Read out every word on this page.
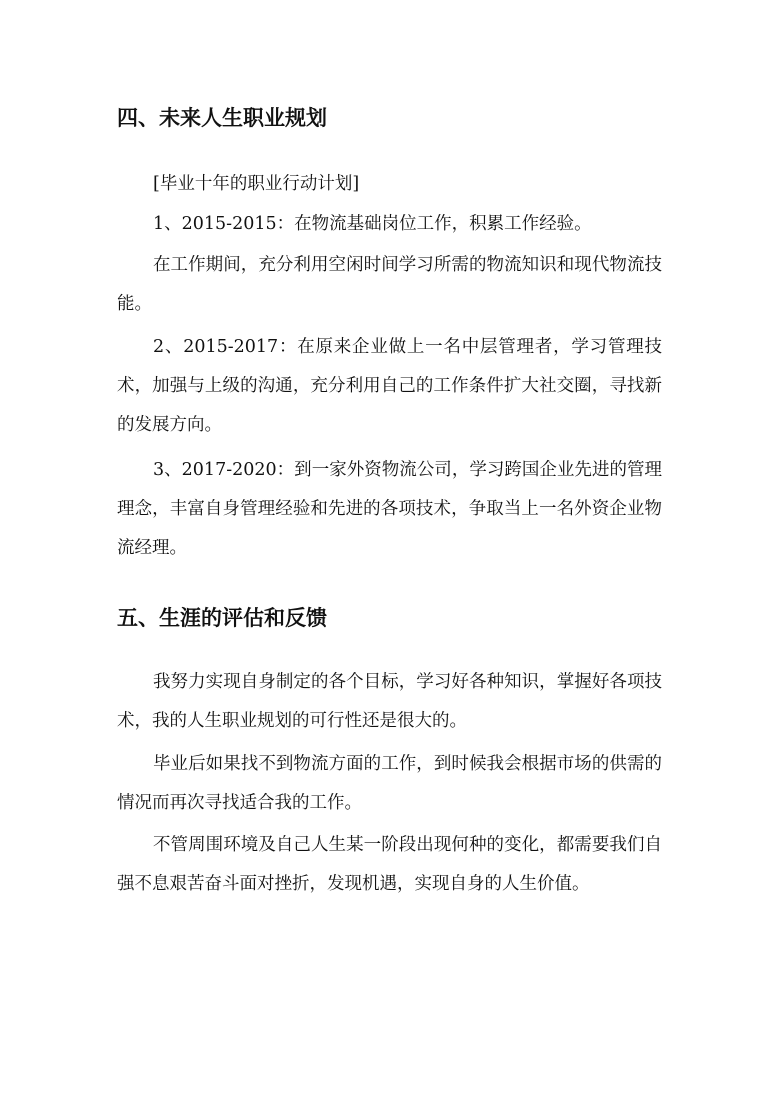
四、未来人生职业规划
[毕业十年的职业行动计划]
1、2015-2015：在物流基础岗位工作，积累工作经验。
在工作期间，充分利用空闲时间学习所需的物流知识和现代物流技能。
2、2015-2017：在原来企业做上一名中层管理者，学习管理技术，加强与上级的沟通，充分利用自己的工作条件扩大社交圈，寻找新的发展方向。
3、2017-2020：到一家外资物流公司，学习跨国企业先进的管理理念，丰富自身管理经验和先进的各项技术，争取当上一名外资企业物流经理。
五、生涯的评估和反馈
我努力实现自身制定的各个目标，学习好各种知识，掌握好各项技术，我的人生职业规划的可行性还是很大的。
毕业后如果找不到物流方面的工作，到时候我会根据市场的供需的情况而再次寻找适合我的工作。
不管周围环境及自己人生某一阶段出现何种的变化，都需要我们自强不息艰苦奋斗面对挫折，发现机遇，实现自身的人生价值。
